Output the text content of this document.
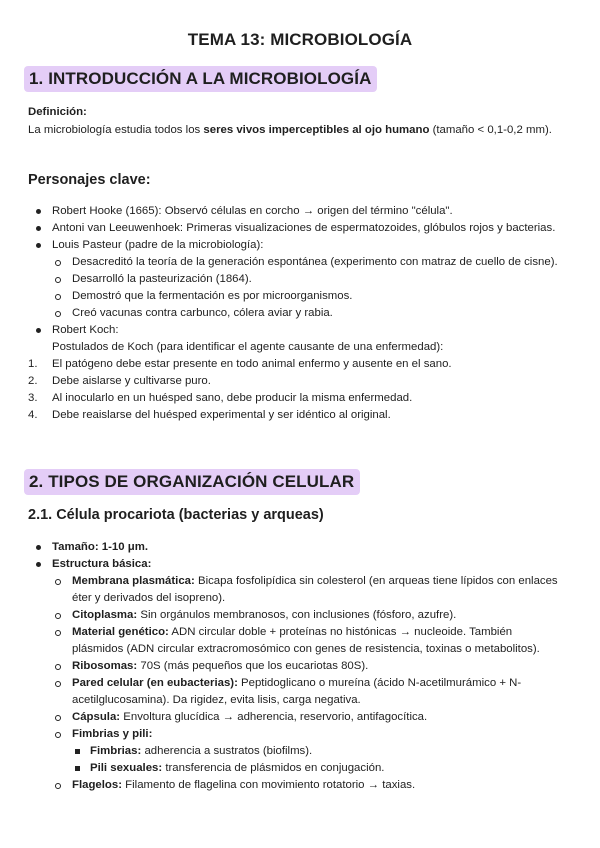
TEMA 13: MICROBIOLOGÍA
1. INTRODUCCIÓN A LA MICROBIOLOGÍA
Definición:
La microbiología estudia todos los seres vivos imperceptibles al ojo humano (tamaño < 0,1-0,2 mm).
Personajes clave:
Robert Hooke (1665): Observó células en corcho → origen del término "célula".
Antoni van Leeuwenhoek: Primeras visualizaciones de espermatozoides, glóbulos rojos y bacterias.
Louis Pasteur (padre de la microbiología):
Desacreditó la teoría de la generación espontánea (experimento con matraz de cuello de cisne).
Desarrolló la pasteurización (1864).
Demostró que la fermentación es por microorganismos.
Creó vacunas contra carbunco, cólera aviar y rabia.
Robert Koch:
Postulados de Koch (para identificar el agente causante de una enfermedad):
1. El patógeno debe estar presente en todo animal enfermo y ausente en el sano.
2. Debe aislarse y cultivarse puro.
3. Al inocularlo en un huésped sano, debe producir la misma enfermedad.
4. Debe reaislarse del huésped experimental y ser idéntico al original.
2. TIPOS DE ORGANIZACIÓN CELULAR
2.1. Célula procariota (bacterias y arqueas)
Tamaño: 1-10 μm.
Estructura básica:
Membrana plasmática: Bicapa fosfolipídica sin colesterol (en arqueas tiene lípidos con enlaces éter y derivados del isopreno).
Citoplasma: Sin orgánulos membranosos, con inclusiones (fósforo, azufre).
Material genético: ADN circular doble + proteínas no histónicas → nucleoide. También plásmidos (ADN circular extracromosómico con genes de resistencia, toxinas o metabolitos).
Ribosomas: 70S (más pequeños que los eucariotas 80S).
Pared celular (en eubacterias): Peptidoglicano o mureína (ácido N-acetilmurámico + N-acetilglucosamina). Da rigidez, evita lisis, carga negativa.
Cápsula: Envoltura glucídica → adherencia, reservorio, antifagocítica.
Fimbrias y pili:
Fimbrias: adherencia a sustratos (biofilms).
Pili sexuales: transferencia de plásmidos en conjugación.
Flagelos: Filamento de flagelina con movimiento rotatorio → taxias.
